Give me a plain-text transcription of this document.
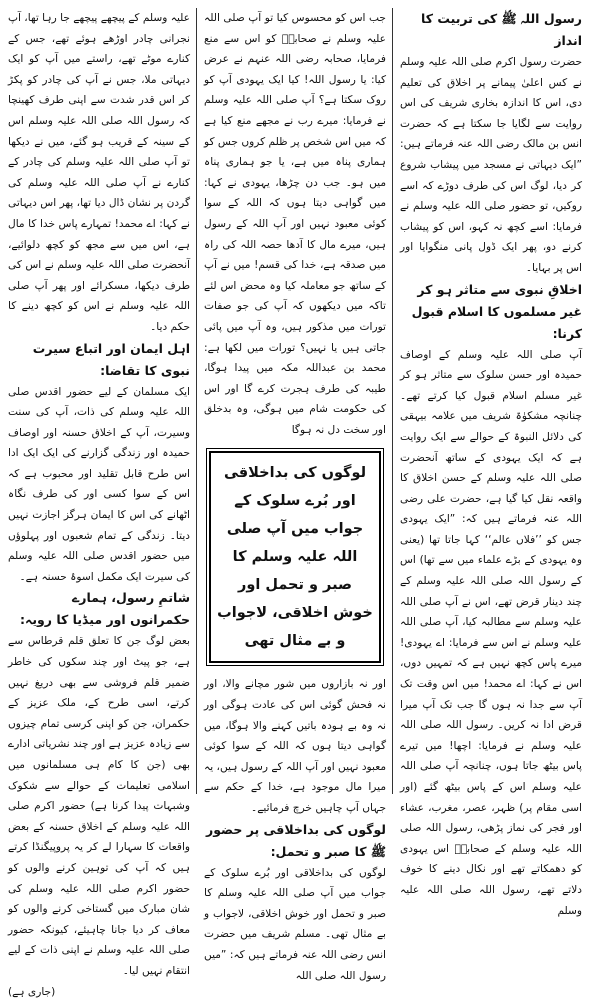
رسول اللہ ﷺ کی تربیت کا انداز

حضرت رسول اکرم صلی اللہ علیہ وسلم نے کس اعلیٰ پیمانے پر اخلاق کی تعلیم دی، اس کا اندازہ بخاری شریف کی اس روایت سے لگایا جا سکتا ہے کہ حضرت انس بن مالک رضی اللہ عنہ فرماتے ہیں: ”ایک دیہاتی نے مسجد میں پیشاب شروع کر دیا، لوگ اس کی طرف دوڑے کہ اسے روکیں، تو حضور صلی اللہ علیہ وسلم نے فرمایا: اسے کچھ نہ کہو، اس کو پیشاب کرنے دو، پھر ایک ڈول پانی منگوایا اور اس پر بہایا۔

اخلاقِ نبوی سے متاثر ہو کر غیر مسلموں کا اسلام قبول کرنا:

آپ صلی اللہ علیہ وسلم کے اوصاف حمیدہ اور حسن سلوک سے متاثر ہو کر غیر مسلم اسلام قبول کیا کرتے تھے۔ چنانچہ مشکوٰۃ شریف میں علامہ بیہقی کی دلائل النبوۃ کے حوالے سے ایک روایت ہے کہ ایک یہودی کے ساتھ آنحضرت صلی اللہ علیہ وسلم کے حسن اخلاق کا واقعہ نقل کیا گیا ہے، حضرت علی رضی اللہ عنہ فرماتے ہیں کہ: ”ایک یہودی جس کو ’’فلاں عالم‘‘ کہا جاتا تھا (یعنی وہ یہودی کے بڑے علماء میں سے تھا) اس کے رسول اللہ صلی اللہ علیہ وسلم کے چند دینار قرض تھے، اس نے آپ صلی اللہ علیہ وسلم سے مطالبہ کیا، آپ صلی اللہ علیہ وسلم نے اس سے فرمایا: اے یہودی! میرے پاس کچھ نہیں ہے کہ تمہیں دوں، اس نے کہا: اے محمد! میں اس وقت تک آپ سے جدا نہ ہوں گا جب تک آپ میرا قرض ادا نہ کریں۔ رسول اللہ صلی اللہ علیہ وسلم نے فرمایا: اچھا! میں تیرے پاس بیٹھ جاتا ہوں، چنانچہ آپ صلی اللہ علیہ وسلم اس کے پاس بیٹھ گئے (اور اسی مقام پر) ظہر، عصر، مغرب، عشاء اور فجر کی نماز پڑھی، رسول اللہ صلی اللہ علیہ وسلم کے صحابہؓ اس یہودی کو دھمکاتے تھے اور نکال دینے کا خوف دلاتے تھے، رسول اللہ صلی اللہ علیہ وسلم

جب اس کو محسوس کیا تو آپ صلی اللہ علیہ وسلم نے صحابہؓ کو اس سے منع فرمایا، صحابہ رضی اللہ عنہم نے عرض کیا: یا رسول اللہ! کیا ایک یہودی آپ کو روک سکتا ہے؟ آپ صلی اللہ علیہ وسلم نے فرمایا: میرے رب نے مجھے منع کیا ہے کہ میں اس شخص پر ظلم کروں جس کو ہماری پناہ میں ہے، یا جو ہماری پناہ میں ہو۔ جب دن چڑھا، یہودی نے کہا: میں گواہی دیتا ہوں کہ اللہ کے سوا کوئی معبود نہیں اور آپ اللہ کے رسول ہیں، میرے مال کا آدھا حصہ اللہ کی راہ میں صدقہ ہے، خدا کی قسم! میں نے آپ کے ساتھ جو معاملہ کیا وہ محض اس لئے تاکہ میں دیکھوں کہ آپ کی جو صفات تورات میں مذکور ہیں، وہ آپ میں پائی جاتی ہیں یا نہیں؟ تورات میں لکھا ہے: محمد بن عبداللہ مکہ میں پیدا ہوگا، طیبہ کی طرف ہجرت کرے گا اور اس کی حکومت شام میں ہوگی، وہ بدخلق اور سخت دل نہ ہوگا

لوگوں کی بداخلاقی اور بُرے سلوک کے جواب میں آپ صلی اللہ علیہ وسلم کا صبر و تحمل اور خوش اخلاقی، لاجواب و بے مثال تھی

اور نہ بازاروں میں شور مچانے والا، اور نہ فحش گوئی اس کی عادت ہوگی اور نہ وہ بے ہودہ باتیں کہنے والا ہوگا، میں گواہی دیتا ہوں کہ اللہ کے سوا کوئی معبود نہیں اور آپ اللہ کے رسول ہیں، یہ میرا مال موجود ہے، خدا کے حکم سے جہاں آپ چاہیں خرچ فرمائیے۔

لوگوں کی بداخلاقی پر حضور ﷺ کا صبر و تحمل:

لوگوں کی بداخلاقی اور بُرے سلوک کے جواب میں آپ صلی اللہ علیہ وسلم کا صبر و تحمل اور خوش اخلاقی، لاجواب و بے مثال تھی۔ مسلم شریف میں حضرت انس رضی اللہ عنہ فرماتے ہیں کہ: ”میں رسول اللہ صلی اللہ

علیہ وسلم کے پیچھے پیچھے جا رہا تھا، آپ نجرانی چادر اوڑھے ہوئے تھے، جس کے کنارے موٹے تھے، راستے میں آپ کو ایک دیہاتی ملا، جس نے آپ کی چادر کو پکڑ کر اس قدر شدت سے اپنی طرف کھینچا کہ رسول اللہ صلی اللہ علیہ وسلم اس کے سینہ کے قریب ہو گئے، میں نے دیکھا تو آپ صلی اللہ علیہ وسلم کی چادر کے کنارے نے آپ صلی اللہ علیہ وسلم کی گردن پر نشان ڈال دیا تھا، پھر اس دیہاتی نے کہا: اے محمد! تمہارے پاس خدا کا مال ہے، اس میں سے مجھ کو کچھ دلوائیے، آنحضرت صلی اللہ علیہ وسلم نے اس کی طرف دیکھا، مسکرائے اور پھر آپ صلی اللہ علیہ وسلم نے اس کو کچھ دینے کا حکم دیا۔

اہل ایمان اور اتباع سیرت نبوی کا تقاضا:

ایک مسلمان کے لیے حضور اقدس صلی اللہ علیہ وسلم کی ذات، آپ کی سنت وسیرت، آپ کے اخلاق حسنہ اور اوصاف حمیدہ اور زندگی گزارنے کی ایک ایک ادا اس طرح قابل تقلید اور محبوب ہے کہ اس کے سوا کسی اور کی طرف نگاہ اٹھانے کی اس کا ایمان ہرگز اجازت نہیں دیتا۔ زندگی کے تمام شعبوں اور پہلوؤں میں حضور اقدس صلی اللہ علیہ وسلم کی سیرت ایک مکمل اسوۂ حسنہ ہے۔

شاتمِ رسول، ہمارے حکمرانوں اور میڈیا کا رویہ:

بعض لوگ جن کا تعلق قلم قرطاس سے ہے، جو پیٹ اور چند سکوں کی خاطر ضمیر قلم فروشی سے بھی دریغ نہیں کرتے، اسی طرح کے، ملک عزیز کے حکمران، جن کو اپنی کرسی تمام چیزوں سے زیادہ عزیز ہے اور چند نشریاتی ادارے بھی (جن کا کام ہی مسلمانوں میں اسلامی تعلیمات کے حوالے سے شکوک وشبہات پیدا کرنا ہے) حضور اکرم صلی اللہ علیہ وسلم کے اخلاق حسنہ کے بعض واقعات کا سہارا لے کر یہ پروپیگنڈا کرتے ہیں کہ آپ کی توہین کرنے والوں کو حضور اکرم صلی اللہ علیہ وسلم کی شان مبارک میں گستاخی کرنے والوں کو معاف کر دیا جانا چاہیئے، کیونکہ حضور صلی اللہ علیہ وسلم نے اپنی ذات کے لیے انتقام نہیں لیا۔

(جاری ہے)
